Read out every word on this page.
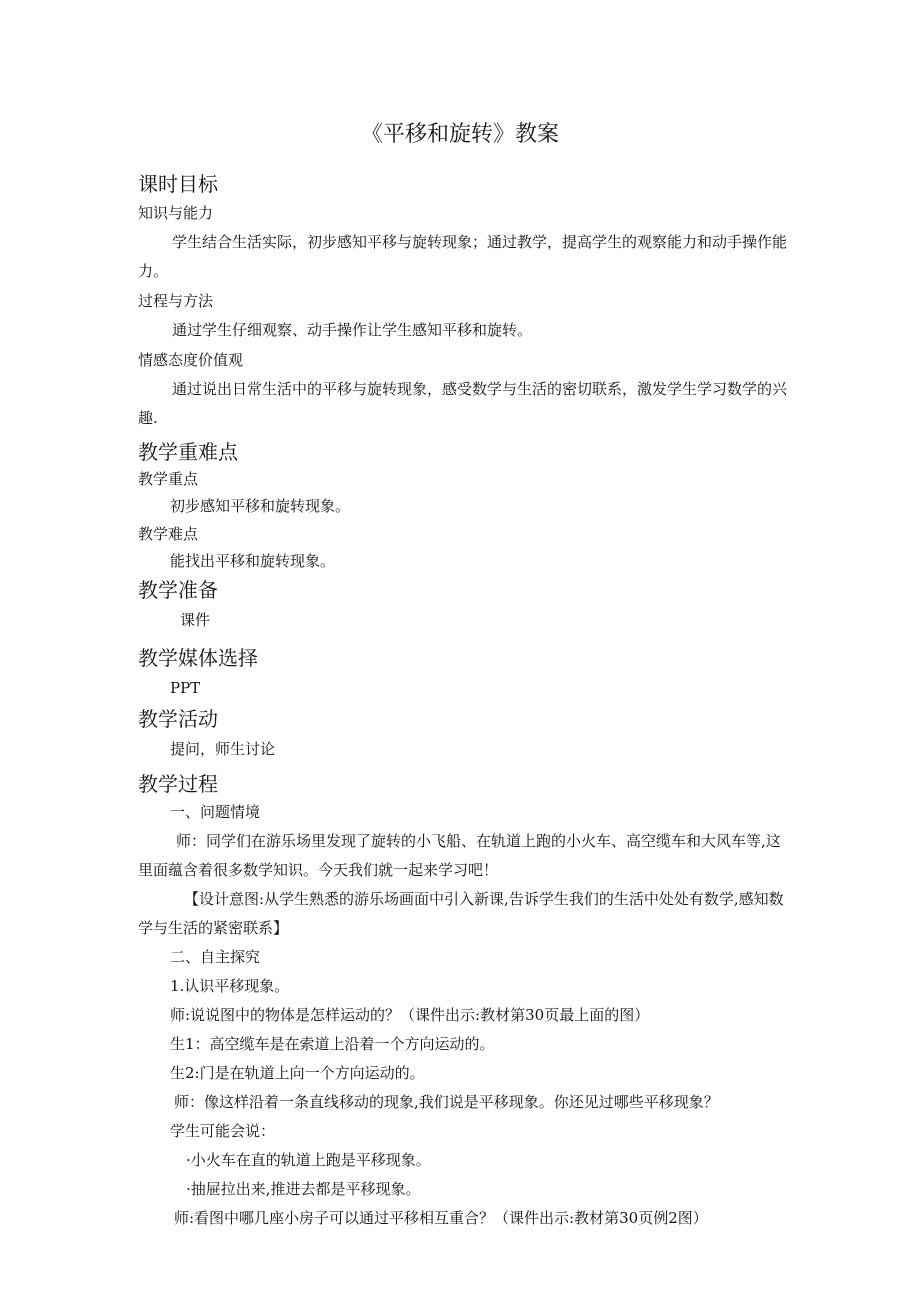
《平移和旋转》教案
课时目标
知识与能力
学生结合生活实际，初步感知平移与旋转现象；通过教学，提高学生的观察能力和动手操作能力。
过程与方法
通过学生仔细观察、动手操作让学生感知平移和旋转。
情感态度价值观
通过说出日常生活中的平移与旋转现象，感受数学与生活的密切联系，激发学生学习数学的兴趣.
教学重难点
教学重点
初步感知平移和旋转现象。
教学难点
能找出平移和旋转现象。
教学准备
课件
教学媒体选择
PPT
教学活动
提问，师生讨论
教学过程
一、问题情境
师：同学们在游乐场里发现了旋转的小飞船、在轨道上跑的小火车、高空缆车和大风车等,这里面蕴含着很多数学知识。今天我们就一起来学习吧！
【设计意图:从学生熟悉的游乐场画面中引入新课,告诉学生我们的生活中处处有数学,感知数学与生活的紧密联系】
二、自主探究
1.认识平移现象。
师:说说图中的物体是怎样运动的？（课件出示:教材第30页最上面的图）
生1：高空缆车是在索道上沿着一个方向运动的。
生2:门是在轨道上向一个方向运动的。
师：像这样沿着一条直线移动的现象,我们说是平移现象。你还见过哪些平移现象？
学生可能会说：
·小火车在直的轨道上跑是平移现象。
·抽屉拉出来,推进去都是平移现象。
师:看图中哪几座小房子可以通过平移相互重合？（课件出示:教材第30页例2图）
